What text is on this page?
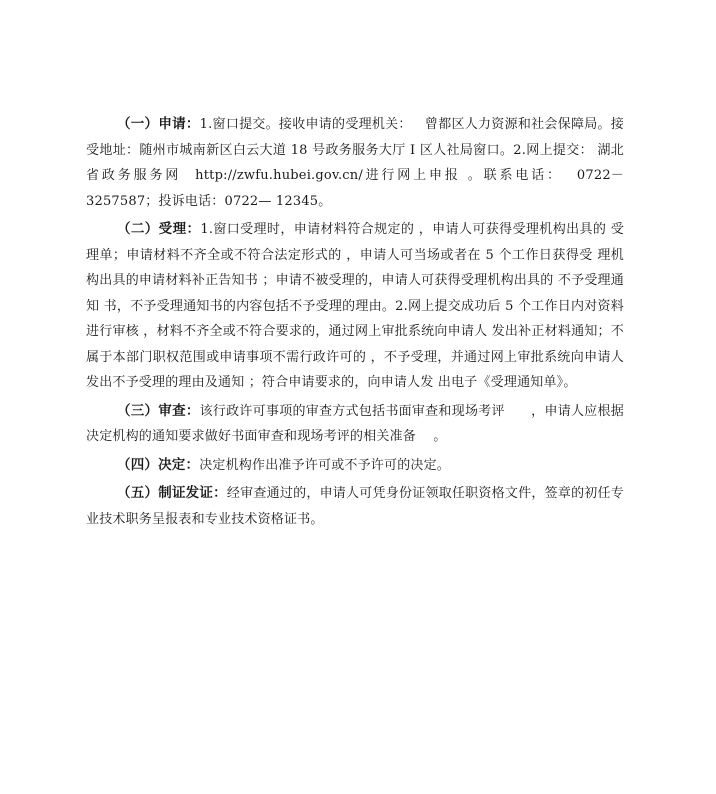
（一）申请：1.窗口提交。接收申请的受理机关：   曾都区人力资源和社会保障局。接受地址：随州市城南新区白云大道 18 号政务服务大厅 I 区人社局窗口。2.网上提交： 湖北省政务服务网  http://zwfu.hubei.gov.cn/进行网上申报 。联系电话：  0722－ 3257587；投诉电话：0722— 12345。

（二）受理：1.窗口受理时，申请材料符合规定的 ，申请人可获得受理机构出具的 受理单；申请材料不齐全或不符合法定形式的 ，申请人可当场或者在 5 个工作日获得受 理机 构出具的申请材料补正告知书 ；申请不被受理的，申请人可获得受理机构出具的 不予受理通知 书，不予受理通知书的内容包括不予受理的理由。2.网上提交成功后 5 个工作日内对资料进行审核 ，材料不齐全或不符合要求的，通过网上审批系统向申请人 发出补正材料通知；不属于本部门职权范围或申请事项不需行政许可的 ，不予受理，并通过网上审批系统向申请人发出不予受理的理由及通知 ；符合申请要求的，向申请人发 出电子《受理通知单》。

（三）审查：该行政许可事项的审查方式包括书面审查和现场考评      ，申请人应根据 决定机构的通知要求做好书面审查和现场考评的相关准备    。

（四）决定：决定机构作出准予许可或不予许可的决定。

（五）制证发证：经审查通过的，申请人可凭身份证领取任职资格文件，签章的初任专业技术职务呈报表和专业技术资格证书。
